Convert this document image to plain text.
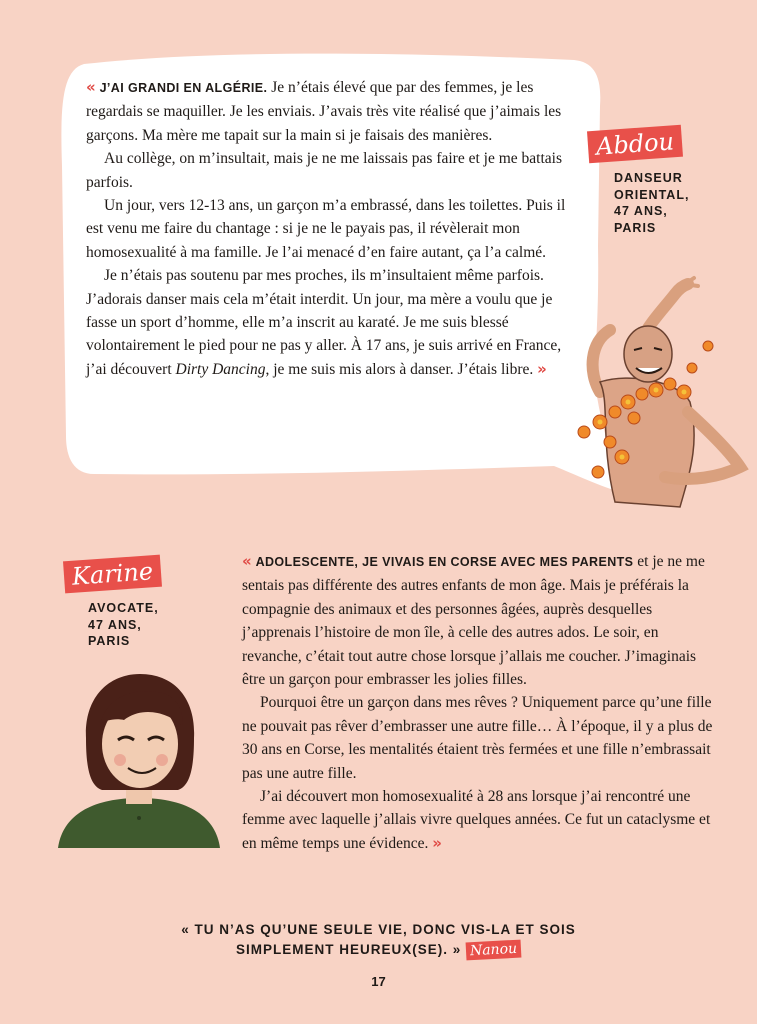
« J’AI GRANDI EN ALGÉRIE. Je n’étais élevé que par des femmes, je les regardais se maquiller. Je les enviais. J’avais très vite réalisé que j’aimais les garçons. Ma mère me tapait sur la main si je faisais des manières.

Au collège, on m’insultait, mais je ne me laissais pas faire et je me battais parfois.

Un jour, vers 12-13 ans, un garçon m’a embrassé, dans les toilettes. Puis il est venu me faire du chantage : si je ne le payais pas, il révèlerait mon homosexualité à ma famille. Je l’ai menacé d’en faire autant, ça l’a calmé.

Je n’étais pas soutenu par mes proches, ils m’insultaient même parfois. J’adorais danser mais cela m’était interdit. Un jour, ma mère a voulu que je fasse un sport d’homme, elle m’a inscrit au karaté. Je me suis blessé volontairement le pied pour ne pas y aller. À 17 ans, je suis arrivé en France, j’ai découvert Dirty Dancing, je me suis mis alors à danser. J’étais libre. »

Abdou
DANSEUR
ORIENTAL,
47 ANS,
PARIS
Karine
AVOCATE,
47 ANS,
PARIS

« ADOLESCENTE, JE VIVAIS EN CORSE AVEC MES PARENTS et je ne me sentais pas différente des autres enfants de mon âge. Mais je préférais la compagnie des animaux et des personnes âgées, auprès desquelles j’apprenais l’histoire de mon île, à celle des autres ados. Le soir, en revanche, c’était tout autre chose lorsque j’allais me coucher. J’imaginais être un garçon pour embrasser les jolies filles.

Pourquoi être un garçon dans mes rêves ? Uniquement parce qu’une fille ne pouvait pas rêver d’embrasser une autre fille… À l’époque, il y a plus de 30 ans en Corse, les mentalités étaient très fermées et une fille n’embrassait pas une autre fille.

J’ai découvert mon homosexualité à 28 ans lorsque j’ai rencontré une femme avec laquelle j’allais vivre quelques années. Ce fut un cataclysme et en même temps une évidence. »

« TU N’AS QU’UNE SEULE VIE, DONC VIS-LA ET SOIS
SIMPLEMENT HEUREUX(SE). » Nanou
17
